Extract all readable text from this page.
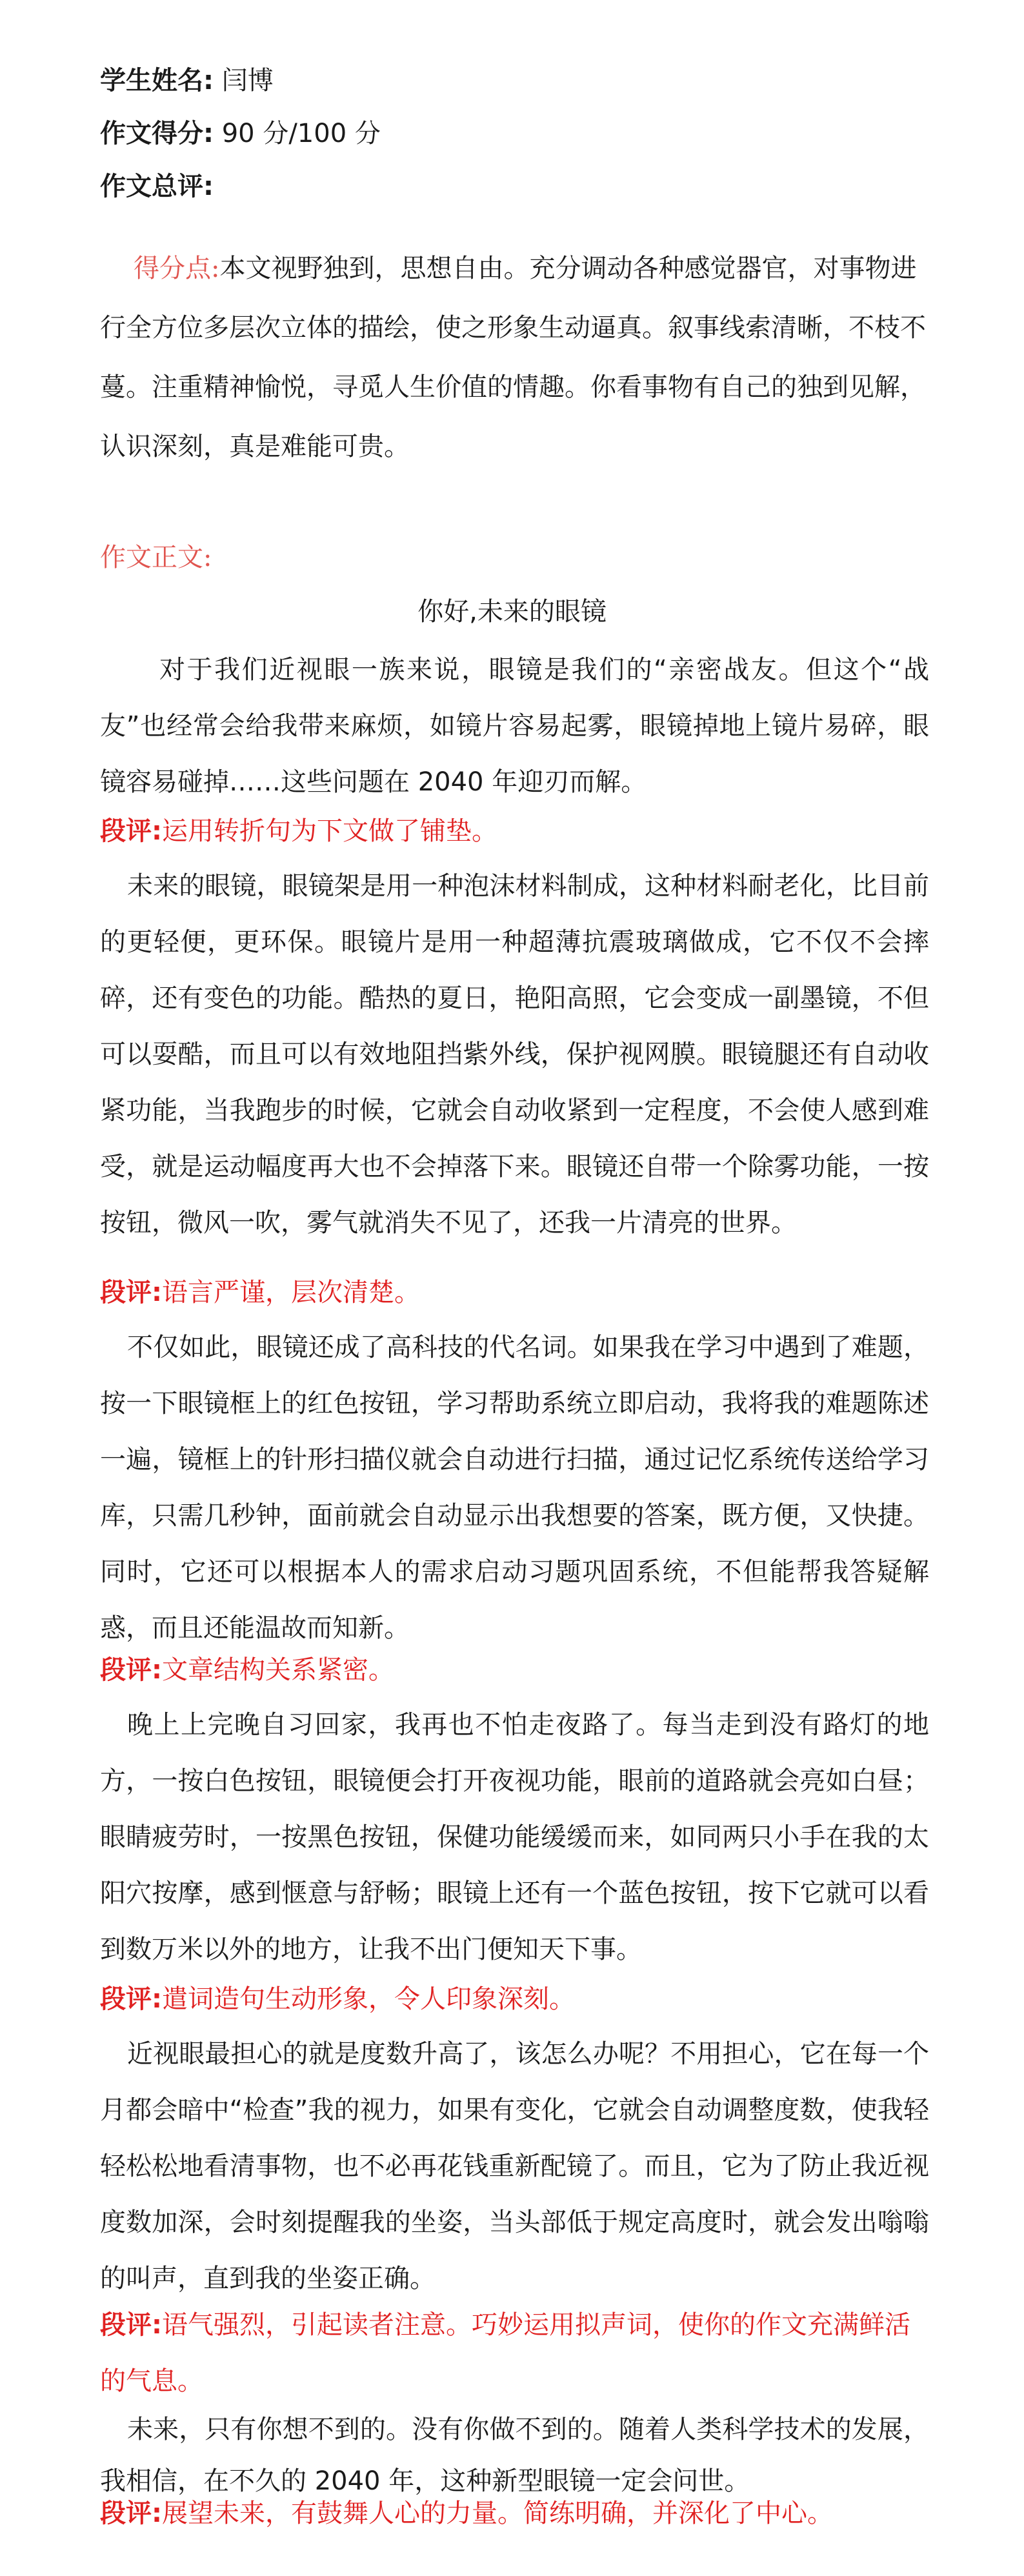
学生姓名: 闫博
作文得分: 90 分/100 分
作文总评:
得分点:本文视野独到，思想自由。充分调动各种感觉器官，对事物进行全方位多层次立体的描绘，使之形象生动逼真。叙事线索清晰，不枝不蔓。注重精神愉悦，寻觅人生价值的情趣。你看事物有自己的独到见解，认识深刻，真是难能可贵。
作文正文:
你好,未来的眼镜
对于我们近视眼一族来说，眼镜是我们的“亲密战友。但这个“战友”也经常会给我带来麻烦，如镜片容易起雾，眼镜掉地上镜片易碎，眼镜容易碰掉……这些问题在 2040 年迎刃而解。
段评:运用转折句为下文做了铺垫。
未来的眼镜，眼镜架是用一种泡沫材料制成，这种材料耐老化，比目前的更轻便，更环保。眼镜片是用一种超薄抗震玻璃做成，它不仅不会摔碎，还有变色的功能。酷热的夏日，艳阳高照，它会变成一副墨镜，不但可以耍酷，而且可以有效地阻挡紫外线，保护视网膜。眼镜腿还有自动收紧功能，当我跑步的时候，它就会自动收紧到一定程度，不会使人感到难受，就是运动幅度再大也不会掉落下来。眼镜还自带一个除雾功能，一按按钮，微风一吹，雾气就消失不见了，还我一片清亮的世界。
段评:语言严谨，层次清楚。
不仅如此，眼镜还成了高科技的代名词。如果我在学习中遇到了难题，按一下眼镜框上的红色按钮，学习帮助系统立即启动，我将我的难题陈述一遍，镜框上的针形扫描仪就会自动进行扫描，通过记忆系统传送给学习库，只需几秒钟，面前就会自动显示出我想要的答案，既方便，又快捷。同时，它还可以根据本人的需求启动习题巩固系统，不但能帮我答疑解惑，而且还能温故而知新。
段评:文章结构关系紧密。
晚上上完晚自习回家，我再也不怕走夜路了。每当走到没有路灯的地方，一按白色按钮，眼镜便会打开夜视功能，眼前的道路就会亮如白昼；眼睛疲劳时，一按黑色按钮，保健功能缓缓而来，如同两只小手在我的太阳穴按摩，感到惬意与舒畅；眼镜上还有一个蓝色按钮，按下它就可以看到数万米以外的地方，让我不出门便知天下事。
段评:遣词造句生动形象，令人印象深刻。
近视眼最担心的就是度数升高了，该怎么办呢？不用担心，它在每一个月都会暗中“检查”我的视力，如果有变化，它就会自动调整度数，使我轻轻松松地看清事物，也不必再花钱重新配镜了。而且，它为了防止我近视度数加深，会时刻提醒我的坐姿，当头部低于规定高度时，就会发出嗡嗡的叫声，直到我的坐姿正确。
段评:语气强烈，引起读者注意。巧妙运用拟声词，使你的作文充满鲜活的气息。
未来，只有你想不到的。没有你做不到的。随着人类科学技术的发展，我相信，在不久的 2040 年，这种新型眼镜一定会问世。
段评:展望未来，有鼓舞人心的力量。简练明确，并深化了中心。
